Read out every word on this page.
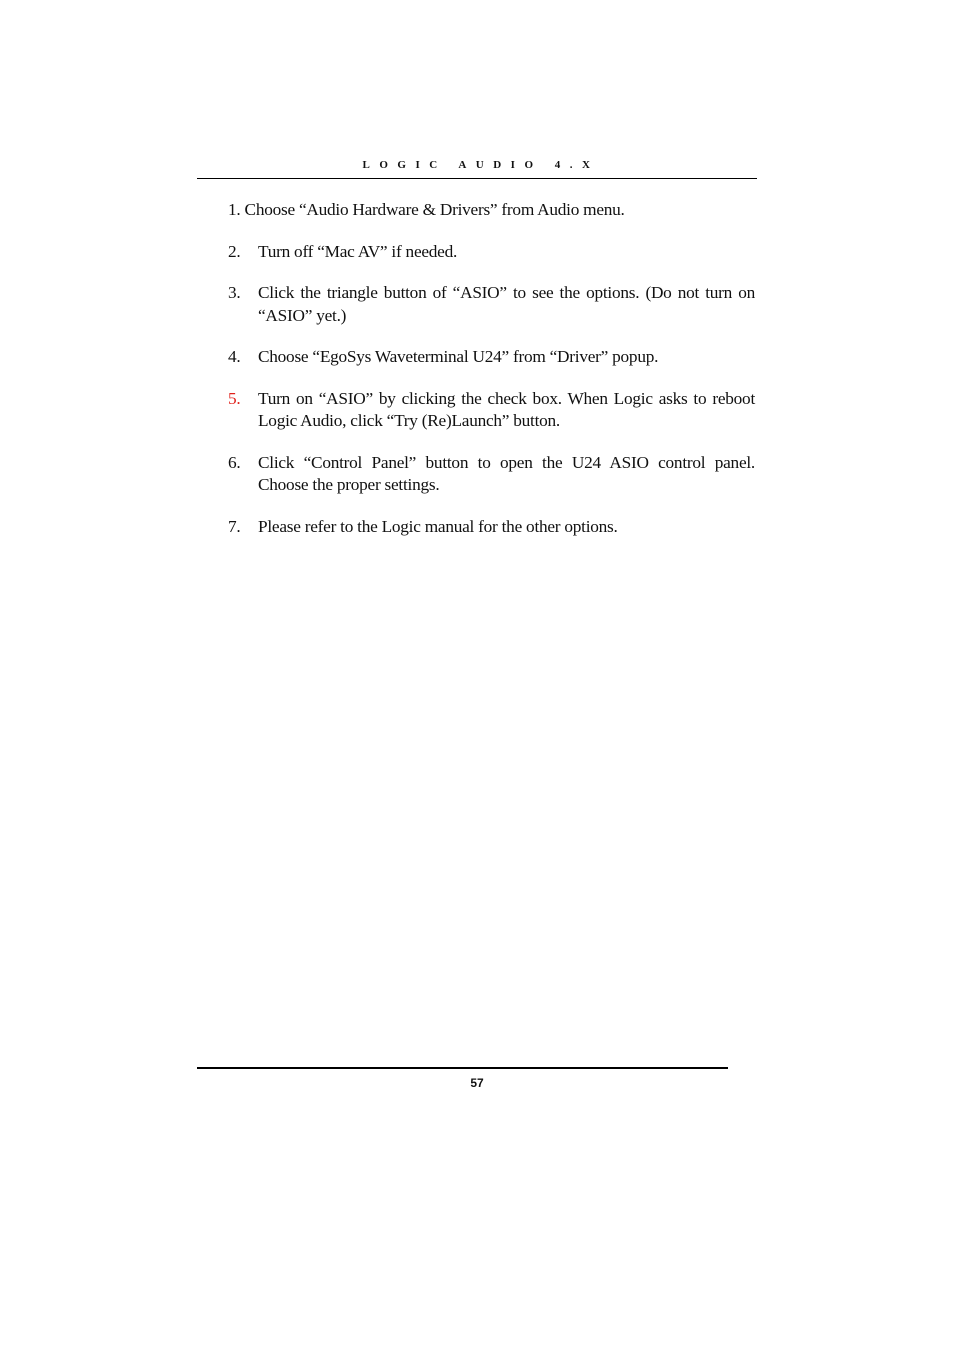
LOGIC AUDIO 4.X
1. Choose “Audio Hardware & Drivers” from Audio menu.
2. Turn off “Mac AV” if needed.
3. Click the triangle button of “ASIO” to see the options. (Do not turn on “ASIO” yet.)
4. Choose “EgoSys Waveterminal U24” from “Driver” popup.
5. Turn on “ASIO” by clicking the check box. When Logic asks to reboot Logic Audio, click “Try (Re)Launch” button.
6. Click “Control Panel” button to open the U24 ASIO control panel. Choose the proper settings.
7. Please refer to the Logic manual for the other options.
57
